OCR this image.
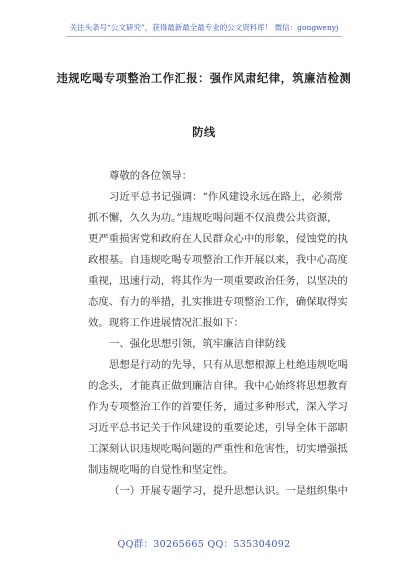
关注头条号“公文研究”，获得最新最全最专业的公文资料库！ 微信：gongwenyj
违规吃喝专项整治工作汇报：强作风肃纪律，筑廉洁检测
防线
尊敬的各位领导：
习近平总书记强调：“作风建设永远在路上，必须常
抓不懈，久久为功。”违规吃喝问题不仅浪费公共资源，
更严重损害党和政府在人民群众心中的形象，侵蚀党的执
政根基。自违规吃喝专项整治工作开展以来，我中心高度
重视，迅速行动，将其作为一项重要政治任务，以坚决的
态度、有力的举措，扎实推进专项整治工作，确保取得实
效。现将工作进展情况汇报如下：
一、强化思想引领，筑牢廉洁自律防线
思想是行动的先导，只有从思想根源上杜绝违规吃喝
的念头，才能真正做到廉洁自律。我中心始终将思想教育
作为专项整治工作的首要任务，通过多种形式，深入学习
习近平总书记关于作风建设的重要论述，引导全体干部职
工深刻认识违规吃喝问题的严重性和危害性，切实增强抵
制违规吃喝的自觉性和坚定性。
（一）开展专题学习，提升思想认识。一是组织集中
QQ群：30265665 QQ：535304092
